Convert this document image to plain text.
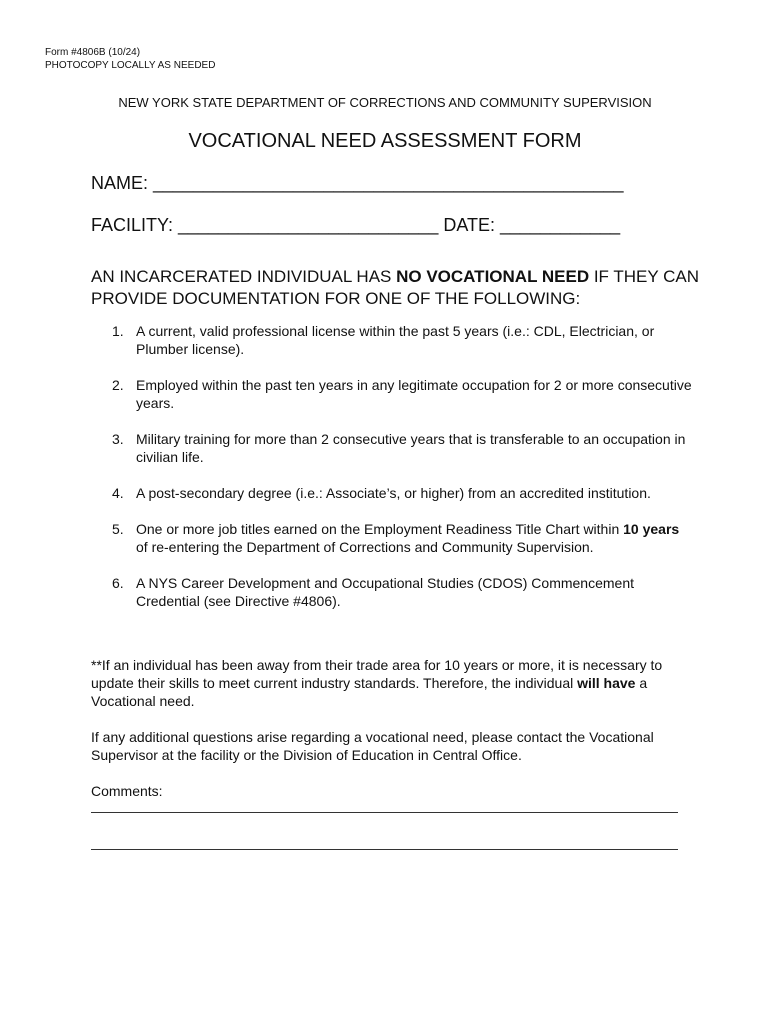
Form #4806B (10/24)
PHOTOCOPY LOCALLY AS NEEDED
NEW YORK STATE DEPARTMENT OF CORRECTIONS AND COMMUNITY SUPERVISION
VOCATIONAL NEED ASSESSMENT FORM
NAME: _______________________________________________
FACILITY: __________________________ DATE: ____________
AN INCARCERATED INDIVIDUAL HAS NO VOCATIONAL NEED IF THEY CAN PROVIDE DOCUMENTATION FOR ONE OF THE FOLLOWING:
1. A current, valid professional license within the past 5 years (i.e.: CDL, Electrician, or Plumber license).
2. Employed within the past ten years in any legitimate occupation for 2 or more consecutive years.
3. Military training for more than 2 consecutive years that is transferable to an occupation in civilian life.
4. A post-secondary degree (i.e.: Associate’s, or higher) from an accredited institution.
5. One or more job titles earned on the Employment Readiness Title Chart within 10 years of re-entering the Department of Corrections and Community Supervision.
6. A NYS Career Development and Occupational Studies (CDOS) Commencement Credential (see Directive #4806).
**If an individual has been away from their trade area for 10 years or more, it is necessary to update their skills to meet current industry standards. Therefore, the individual will have a Vocational need.
If any additional questions arise regarding a vocational need, please contact the Vocational Supervisor at the facility or the Division of Education in Central Office.
Comments:
